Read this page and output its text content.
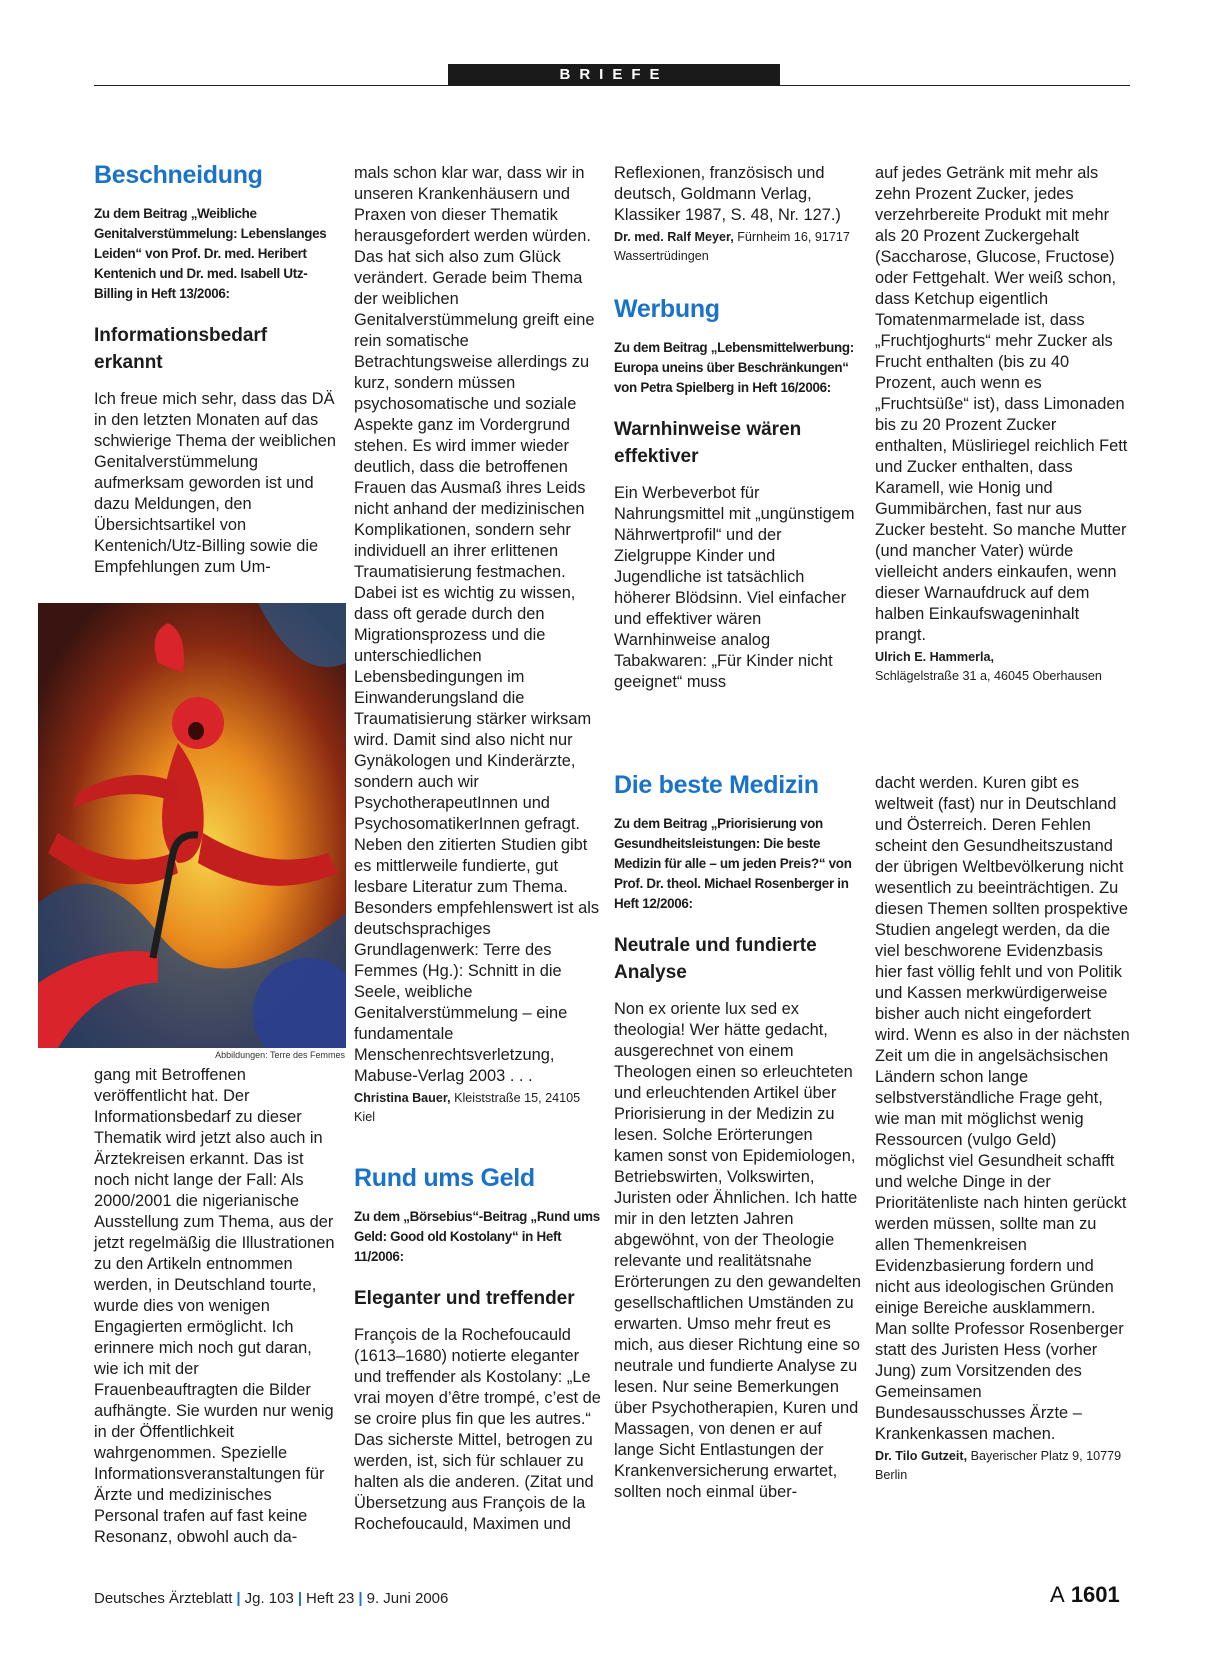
BRIEFE
Beschneidung
Zu dem Beitrag „Weibliche Genitalverstümmelung: Lebenslanges Leiden“ von Prof. Dr. med. Heribert Kentenich und Dr. med. Isabell Utz-Billing in Heft 13/2006:
Informationsbedarf erkannt

Ich freue mich sehr, dass das DÄ in den letzten Monaten auf das schwierige Thema der weiblichen Genitalverstümmelung aufmerksam geworden ist und dazu Meldungen, den Übersichtsartikel von Kentenich/Utz-Billing sowie die Empfehlungen zum Um-

Abbildungen: Terre des Femmes

gang mit Betroffenen veröffentlicht hat. Der Informationsbedarf zu dieser Thematik wird jetzt also auch in Ärztekreisen erkannt. Das ist noch nicht lange der Fall: Als 2000/2001 die nigerianische Ausstellung zum Thema, aus der jetzt regelmäßig die Illustrationen zu den Artikeln entnommen werden, in Deutschland tourte, wurde dies von wenigen Engagierten ermöglicht. Ich erinnere mich noch gut daran, wie ich mit der Frauenbeauftragten die Bilder aufhängte. Sie wurden nur wenig in der Öffentlichkeit wahrgenommen. Spezielle Informationsveranstaltungen für Ärzte und medizinisches Personal trafen auf fast keine Resonanz, obwohl auch da-

mals schon klar war, dass wir in unseren Krankenhäusern und Praxen von dieser Thematik herausgefordert werden würden. Das hat sich also zum Glück verändert. Gerade beim Thema der weiblichen Genitalverstümmelung greift eine rein somatische Betrachtungsweise allerdings zu kurz, sondern müssen psychosomatische und soziale Aspekte ganz im Vordergrund stehen. Es wird immer wieder deutlich, dass die betroffenen Frauen das Ausmaß ihres Leids nicht anhand der medizinischen Komplikationen, sondern sehr individuell an ihrer erlittenen Traumatisierung festmachen. Dabei ist es wichtig zu wissen, dass oft gerade durch den Migrationsprozess und die unterschiedlichen Lebensbedingungen im Einwanderungsland die Traumatisierung stärker wirksam wird. Damit sind also nicht nur Gynäkologen und Kinderärzte, sondern auch wir PsychotherapeutInnen und PsychosomatikerInnen gefragt. Neben den zitierten Studien gibt es mittlerweile fundierte, gut lesbare Literatur zum Thema. Besonders empfehlenswert ist als deutschsprachiges Grundlagenwerk: Terre des Femmes (Hg.): Schnitt in die Seele, weibliche Genitalverstümmelung – eine fundamentale Menschenrechtsverletzung, Mabuse-Verlag 2003 . . .

Christina Bauer, Kleiststraße 15, 24105 Kiel
Rund ums Geld
Zu dem „Börsebius“-Beitrag „Rund ums Geld: Good old Kostolany“ in Heft 11/2006:
Eleganter und treffender

François de la Rochefoucauld (1613–1680) notierte eleganter und treffender als Kostolany: „Le vrai moyen d’être trompé, c’est de se croire plus fin que les autres.“ Das sicherste Mittel, betrogen zu werden, ist, sich für schlauer zu halten als die anderen. (Zitat und Übersetzung aus François de la Rochefoucauld, Maximen und

Reflexionen, französisch und deutsch, Goldmann Verlag, Klassiker 1987, S. 48, Nr. 127.)

Dr. med. Ralf Meyer, Fürnheim 16, 91717 Wassertrüdingen
Werbung
Zu dem Beitrag „Lebensmittelwerbung: Europa uneins über Beschränkungen“ von Petra Spielberg in Heft 16/2006:
Warnhinweise wären effektiver

Ein Werbeverbot für Nahrungsmittel mit „ungünstigem Nährwertprofil“ und der Zielgruppe Kinder und Jugendliche ist tatsächlich höherer Blödsinn. Viel einfacher und effektiver wären Warnhinweise analog Tabakwaren: „Für Kinder nicht geeignet“ muss

auf jedes Getränk mit mehr als zehn Prozent Zucker, jedes verzehrbereite Produkt mit mehr als 20 Prozent Zuckergehalt (Saccharose, Glucose, Fructose) oder Fettgehalt. Wer weiß schon, dass Ketchup eigentlich Tomatenmarmelade ist, dass „Fruchtjoghurts“ mehr Zucker als Frucht enthalten (bis zu 40 Prozent, auch wenn es „Fruchtsüße“ ist), dass Limonaden bis zu 20 Prozent Zucker enthalten, Müsliriegel reichlich Fett und Zucker enthalten, dass Karamell, wie Honig und Gummibärchen, fast nur aus Zucker besteht. So manche Mutter (und mancher Vater) würde vielleicht anders einkaufen, wenn dieser Warnaufdruck auf dem halben Einkaufswageninhalt prangt.

Ulrich E. Hammerla,
Schlägelstraße 31 a, 46045 Oberhausen
Die beste Medizin
Zu dem Beitrag „Priorisierung von Gesundheitsleistungen: Die beste Medizin für alle – um jeden Preis?“ von Prof. Dr. theol. Michael Rosenberger in Heft 12/2006:
Neutrale und fundierte Analyse

Non ex oriente lux sed ex theologia! Wer hätte gedacht, ausgerechnet von einem Theologen einen so erleuchteten und erleuchtenden Artikel über Priorisierung in der Medizin zu lesen. Solche Erörterungen kamen sonst von Epidemiologen, Betriebswirten, Volkswirten, Juristen oder Ähnlichen. Ich hatte mir in den letzten Jahren abgewöhnt, von der Theologie relevante und realitätsnahe Erörterungen zu den gewandelten gesellschaftlichen Umständen zu erwarten. Umso mehr freut es mich, aus dieser Richtung eine so neutrale und fundierte Analyse zu lesen. Nur seine Bemerkungen über Psychotherapien, Kuren und Massagen, von denen er auf lange Sicht Entlastungen der Krankenversicherung erwartet, sollten noch einmal über-

dacht werden. Kuren gibt es weltweit (fast) nur in Deutschland und Österreich. Deren Fehlen scheint den Gesundheitszustand der übrigen Weltbevölkerung nicht wesentlich zu beeinträchtigen. Zu diesen Themen sollten prospektive Studien angelegt werden, da die viel beschworene Evidenzbasis hier fast völlig fehlt und von Politik und Kassen merkwürdigerweise bisher auch nicht eingefordert wird. Wenn es also in der nächsten Zeit um die in angelsächsischen Ländern schon lange selbstverständliche Frage geht, wie man mit möglichst wenig Ressourcen (vulgo Geld) möglichst viel Gesundheit schafft und welche Dinge in der Prioritätenliste nach hinten gerückt werden müssen, sollte man zu allen Themenkreisen Evidenzbasierung fordern und nicht aus ideologischen Gründen einige Bereiche ausklammern. Man sollte Professor Rosenberger statt des Juristen Hess (vorher Jung) zum Vorsitzenden des Gemeinsamen Bundesausschusses Ärzte – Krankenkassen machen.

Dr. Tilo Gutzeit, Bayerischer Platz 9, 10779 Berlin
Deutsches Ärzteblatt | Jg. 103 | Heft 23 | 9. Juni 2006	A 1601
